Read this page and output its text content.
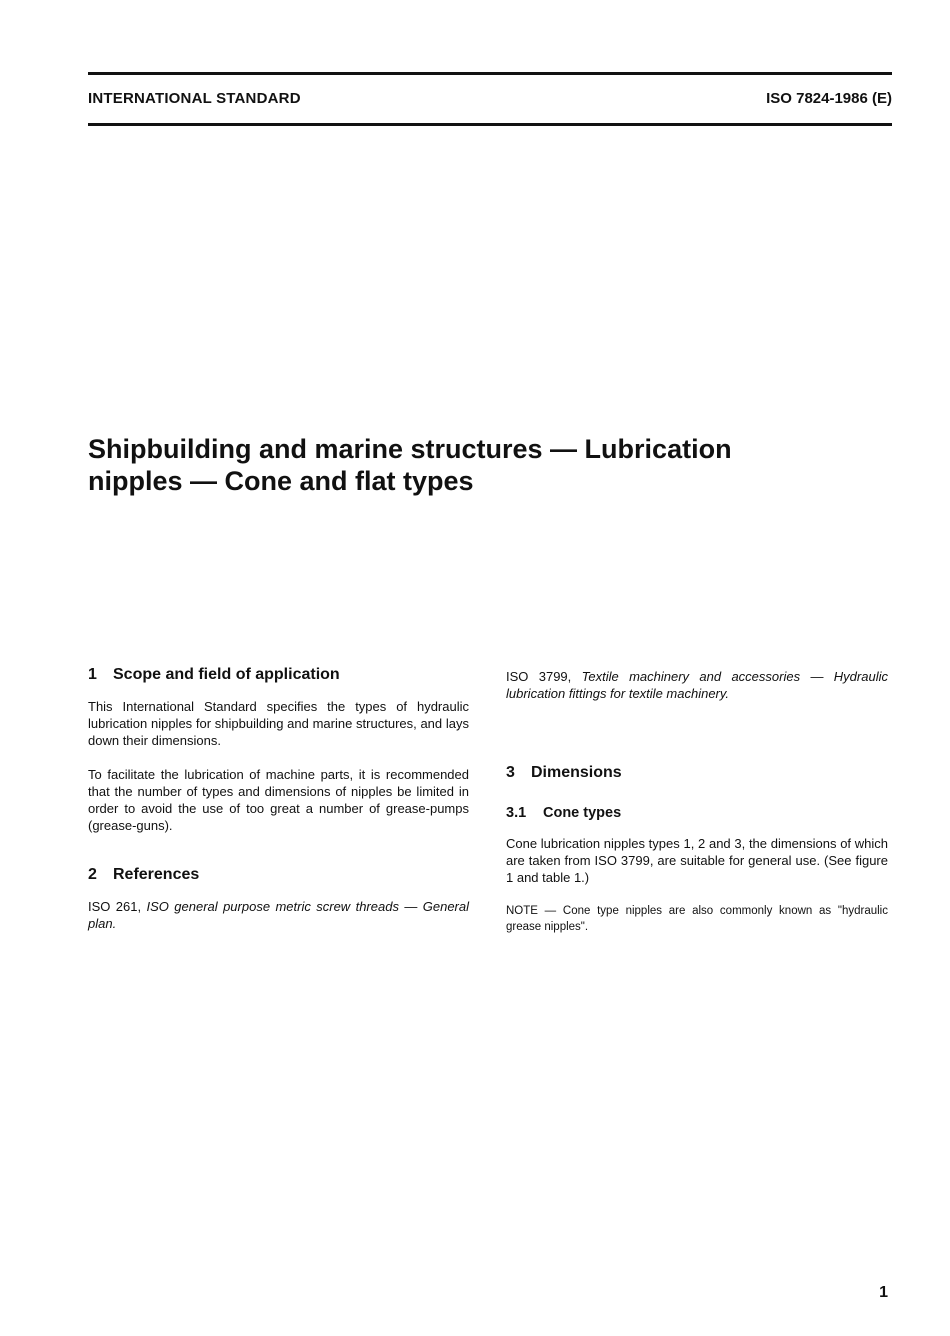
INTERNATIONAL STANDARD	ISO 7824-1986 (E)
Shipbuilding and marine structures — Lubrication
nipples — Cone and flat types
1 Scope and field of application

This International Standard specifies the types of hydraulic lubrication nipples for shipbuilding and marine structures, and lays down their dimensions.

To facilitate the lubrication of machine parts, it is recommended that the number of types and dimensions of nipples be limited in order to avoid the use of too great a number of grease-pumps (grease-guns).

2 References

ISO 261, ISO general purpose metric screw threads — General plan.

ISO 3799, Textile machinery and accessories — Hydraulic lubrication fittings for textile machinery.

3 Dimensions
3.1 Cone types

Cone lubrication nipples types 1, 2 and 3, the dimensions of which are taken from ISO 3799, are suitable for general use. (See figure 1 and table 1.)

NOTE — Cone type nipples are also commonly known as "hydraulic grease nipples".

1
